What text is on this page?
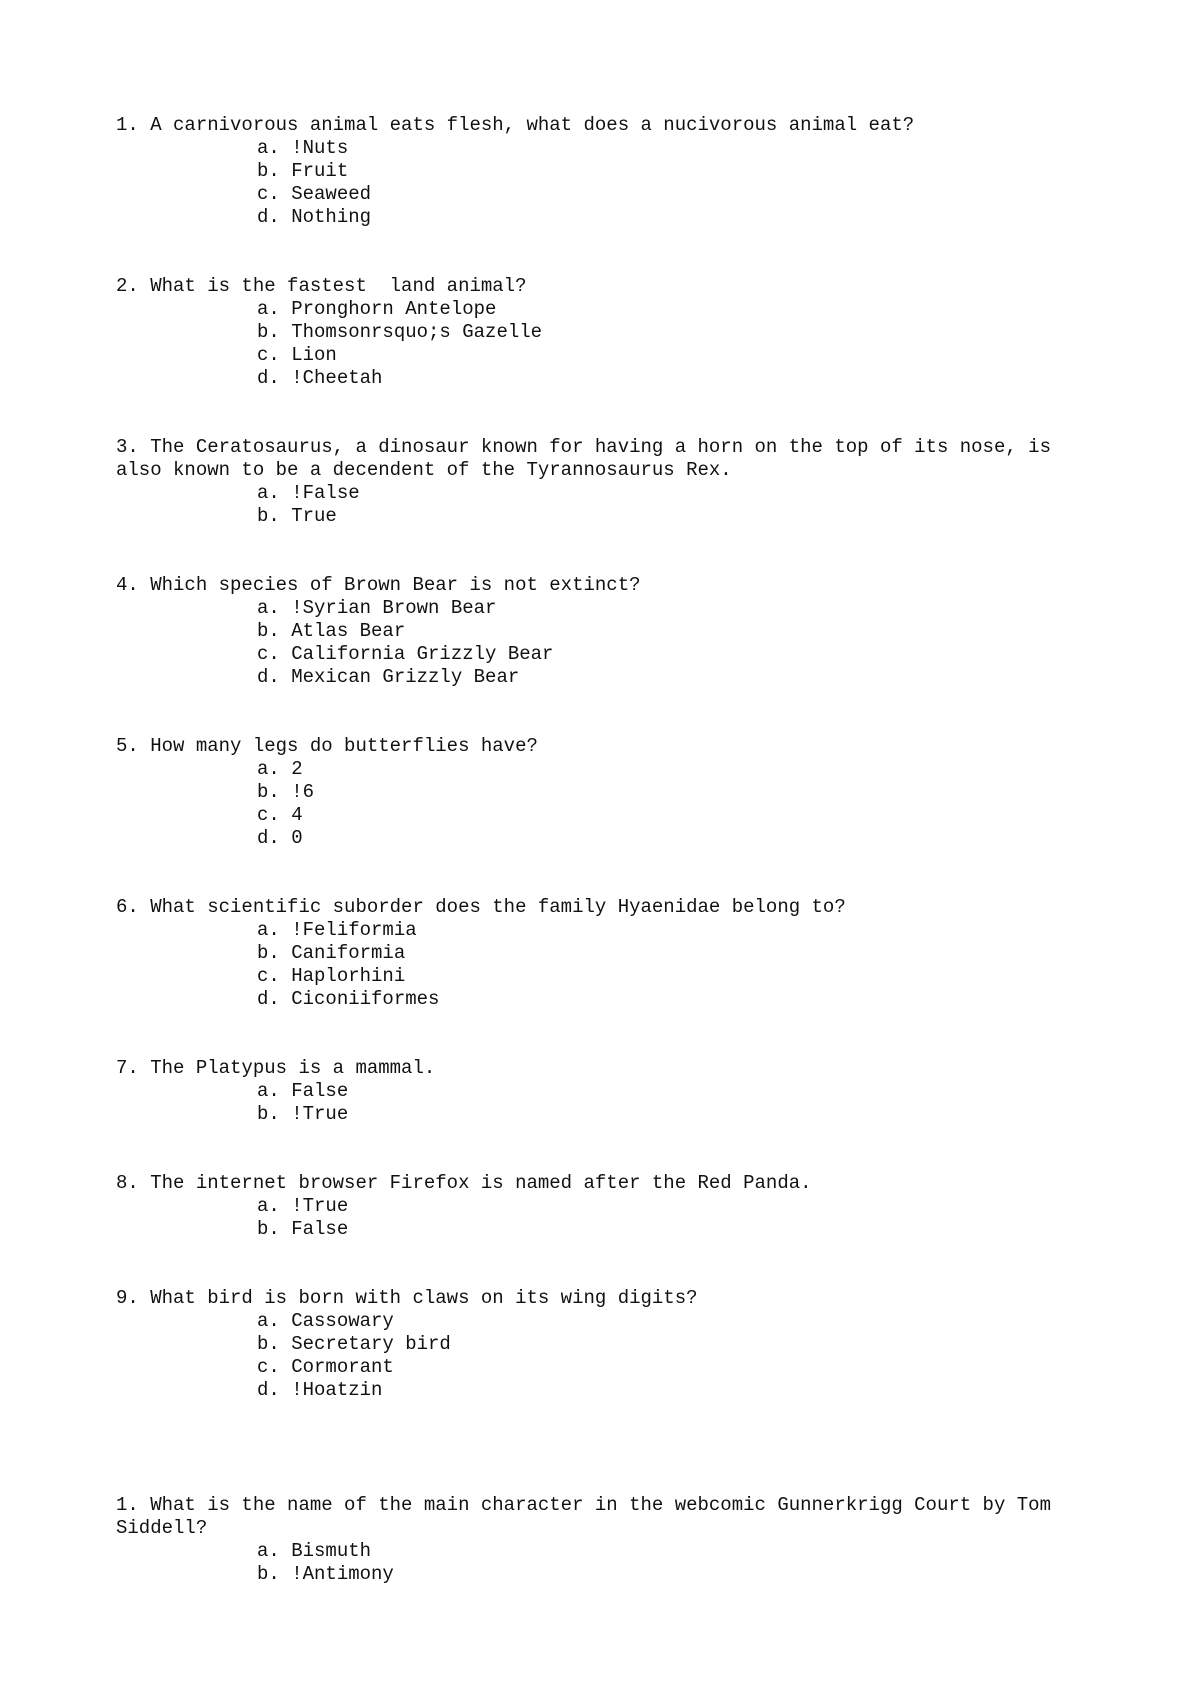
1. A carnivorous animal eats flesh, what does a nucivorous animal eat?

a. !Nuts
b. Fruit
c. Seaweed
d. Nothing

2. What is the fastest  land animal?

a. Pronghorn Antelope
b. Thomsonrsquo;s Gazelle
c. Lion
d. !Cheetah

3. The Ceratosaurus, a dinosaur known for having a horn on the top of its nose, is also known to be a decendent of the Tyrannosaurus Rex.

a. !False
b. True

4. Which species of Brown Bear is not extinct?

a. !Syrian Brown Bear
b. Atlas Bear
c. California Grizzly Bear
d. Mexican Grizzly Bear

5. How many legs do butterflies have?

a. 2
b. !6
c. 4
d. 0

6. What scientific suborder does the family Hyaenidae belong to?

a. !Feliformia
b. Caniformia
c. Haplorhini
d. Ciconiiformes

7. The Platypus is a mammal.

a. False
b. !True

8. The internet browser Firefox is named after the Red Panda.

a. !True
b. False

9. What bird is born with claws on its wing digits?

a. Cassowary
b. Secretary bird
c. Cormorant
d. !Hoatzin

1. What is the name of the main character in the webcomic Gunnerkrigg Court by Tom Siddell?

a. Bismuth
b. !Antimony
